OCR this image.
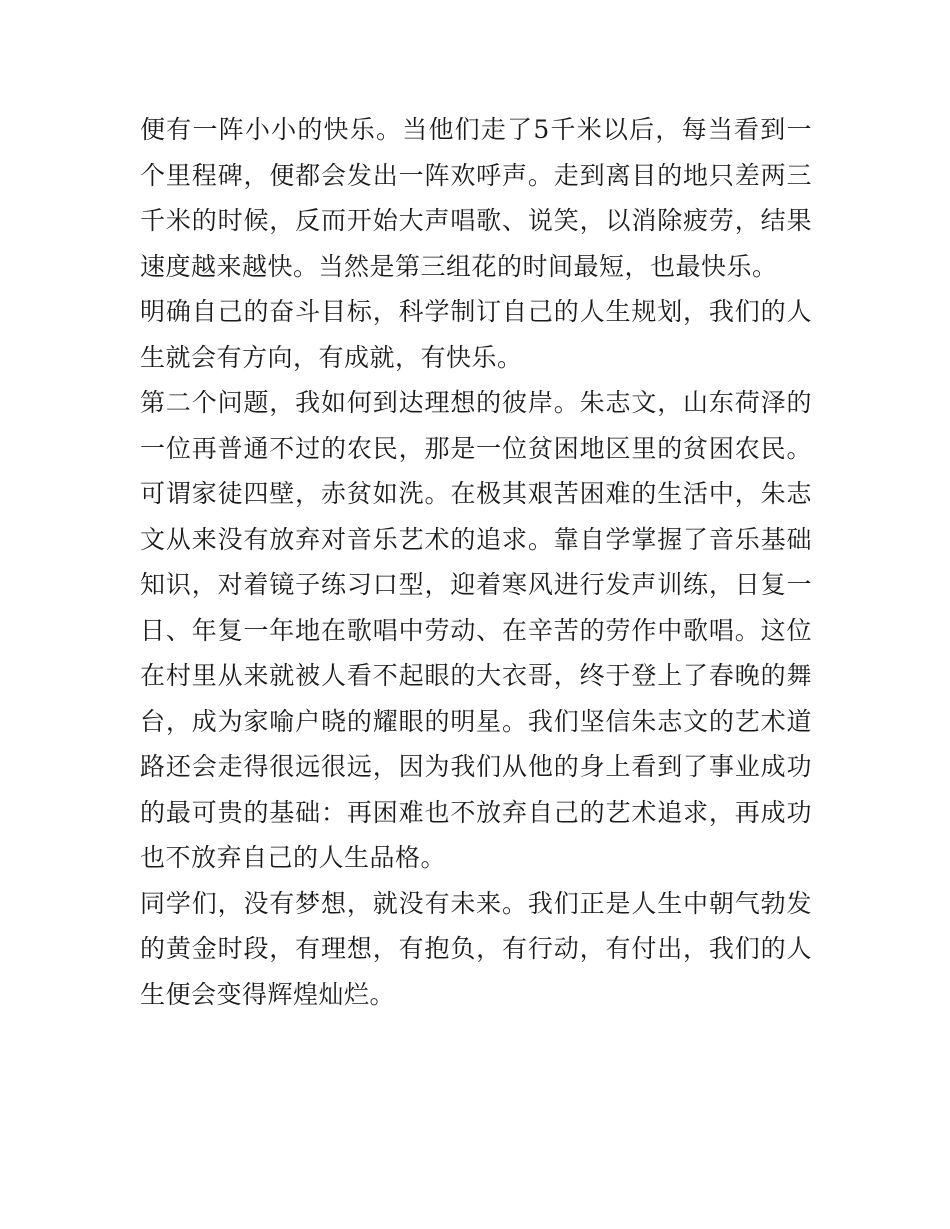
便有一阵小小的快乐。当他们走了5千米以后，每当看到一个里程碑，便都会发出一阵欢呼声。走到离目的地只差两三千米的时候，反而开始大声唱歌、说笑，以消除疲劳，结果速度越来越快。当然是第三组花的时间最短，也最快乐。

明确自己的奋斗目标，科学制订自己的人生规划，我们的人生就会有方向，有成就，有快乐。

第二个问题，我如何到达理想的彼岸。朱志文，山东荷泽的一位再普通不过的农民，那是一位贫困地区里的贫困农民。可谓家徒四壁，赤贫如洗。在极其艰苦困难的生活中，朱志文从来没有放弃对音乐艺术的追求。靠自学掌握了音乐基础知识，对着镜子练习口型，迎着寒风进行发声训练，日复一日、年复一年地在歌唱中劳动、在辛苦的劳作中歌唱。这位在村里从来就被人看不起眼的大衣哥，终于登上了春晚的舞台，成为家喻户晓的耀眼的明星。我们坚信朱志文的艺术道路还会走得很远很远，因为我们从他的身上看到了事业成功的最可贵的基础：再困难也不放弃自己的艺术追求，再成功也不放弃自己的人生品格。

同学们，没有梦想，就没有未来。我们正是人生中朝气勃发的黄金时段，有理想，有抱负，有行动，有付出，我们的人生便会变得辉煌灿烂。
